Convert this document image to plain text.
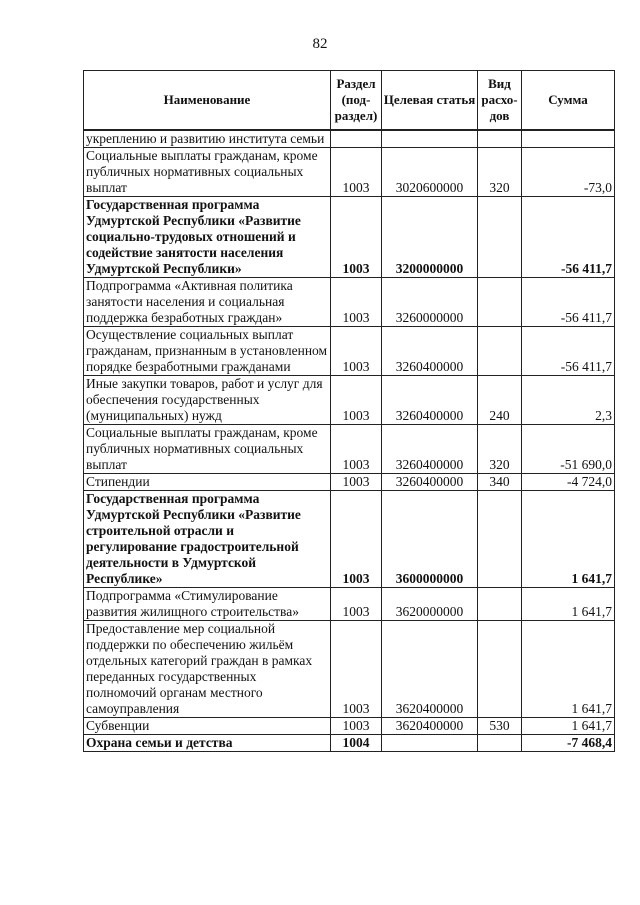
82
Наименование	Раздел (под-раздел)	Целевая статья	Вид расхо-дов	Сумма
укреплению и развитию института семьи				
Социальные выплаты гражданам, кроме публичных нормативных социальных выплат	1003	3020600000	320	-73,0
Государственная программа Удмуртской Республики «Развитие социально-трудовых отношений и содействие занятости населения Удмуртской Республики»	1003	3200000000		-56 411,7
Подпрограмма «Активная политика занятости населения и социальная поддержка безработных граждан»	1003	3260000000		-56 411,7
Осуществление социальных выплат гражданам, признанным в установленном порядке безработными гражданами	1003	3260400000		-56 411,7
Иные закупки товаров, работ и услуг для обеспечения государственных (муниципальных) нужд	1003	3260400000	240	2,3
Социальные выплаты гражданам, кроме публичных нормативных социальных выплат	1003	3260400000	320	-51 690,0
Стипендии	1003	3260400000	340	-4 724,0
Государственная программа Удмуртской Республики «Развитие строительной отрасли и регулирование градостроительной деятельности в Удмуртской Республике»	1003	3600000000		1 641,7
Подпрограмма «Стимулирование развития жилищного строительства»	1003	3620000000		1 641,7
Предоставление мер социальной поддержки по обеспечению жильём отдельных категорий граждан в рамках переданных государственных полномочий органам местного самоуправления	1003	3620400000		1 641,7
Субвенции	1003	3620400000	530	1 641,7
Охрана семьи и детства	1004			-7 468,4
